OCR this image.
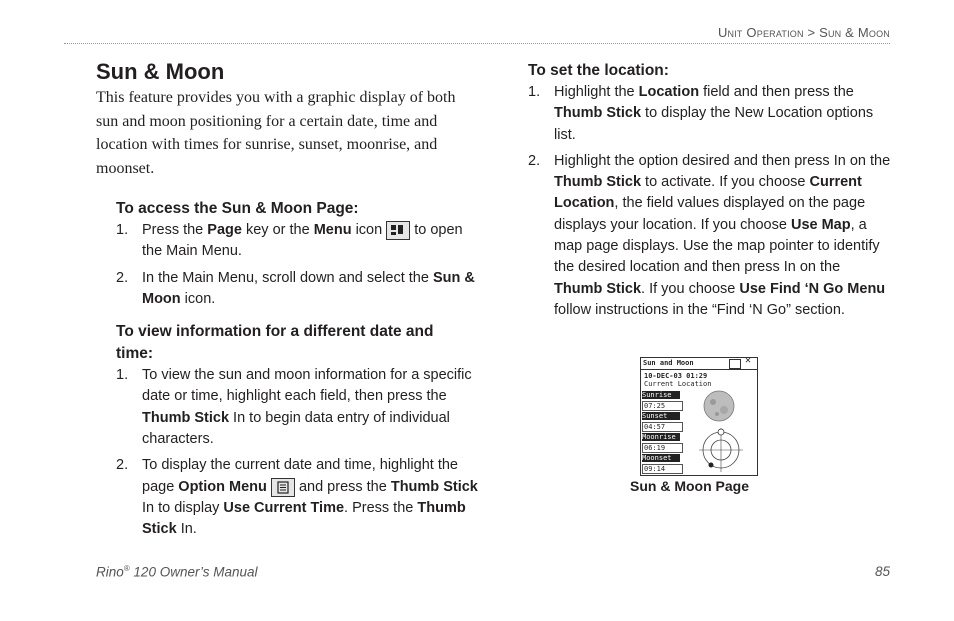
Unit Operation > Sun & Moon
Sun & Moon

This feature provides you with a graphic display of both sun and moon positioning for a certain date, time and location with times for sunrise, sunset, moonrise, and moonset.

To access the Sun & Moon Page:

1. Press the Page key or the Menu icon  to open the Main Menu.
2. In the Main Menu, scroll down and select the Sun & Moon icon.

To view information for a different date and time:

1. To view the sun and moon information for a specific date or time, highlight each field, then press the Thumb Stick In to begin data entry of individual characters.
2. To display the current date and time, highlight the page Option Menu  and press the Thumb Stick In to display Use Current Time. Press the Thumb Stick In.

To set the location:

1. Highlight the Location field and then press the Thumb Stick to display the New Location options list.
2. Highlight the option desired and then press In on the Thumb Stick to activate. If you choose Current Location, the field values displayed on the page displays your location. If you choose Use Map, a map page displays. Use the map pointer to identify the desired location and then press In on the Thumb Stick. If you choose Use Find ‘N Go Menu follow instructions in the “Find ‘N Go” section.
Sun and Moon	✕
10-DEC-03 01:29
Current Location
Sunrise
07:25
Sunset
04:57
Moonrise
06:19
Moonset
09:14
Sun & Moon Page
Rino® 120 Owner’s Manual	85
